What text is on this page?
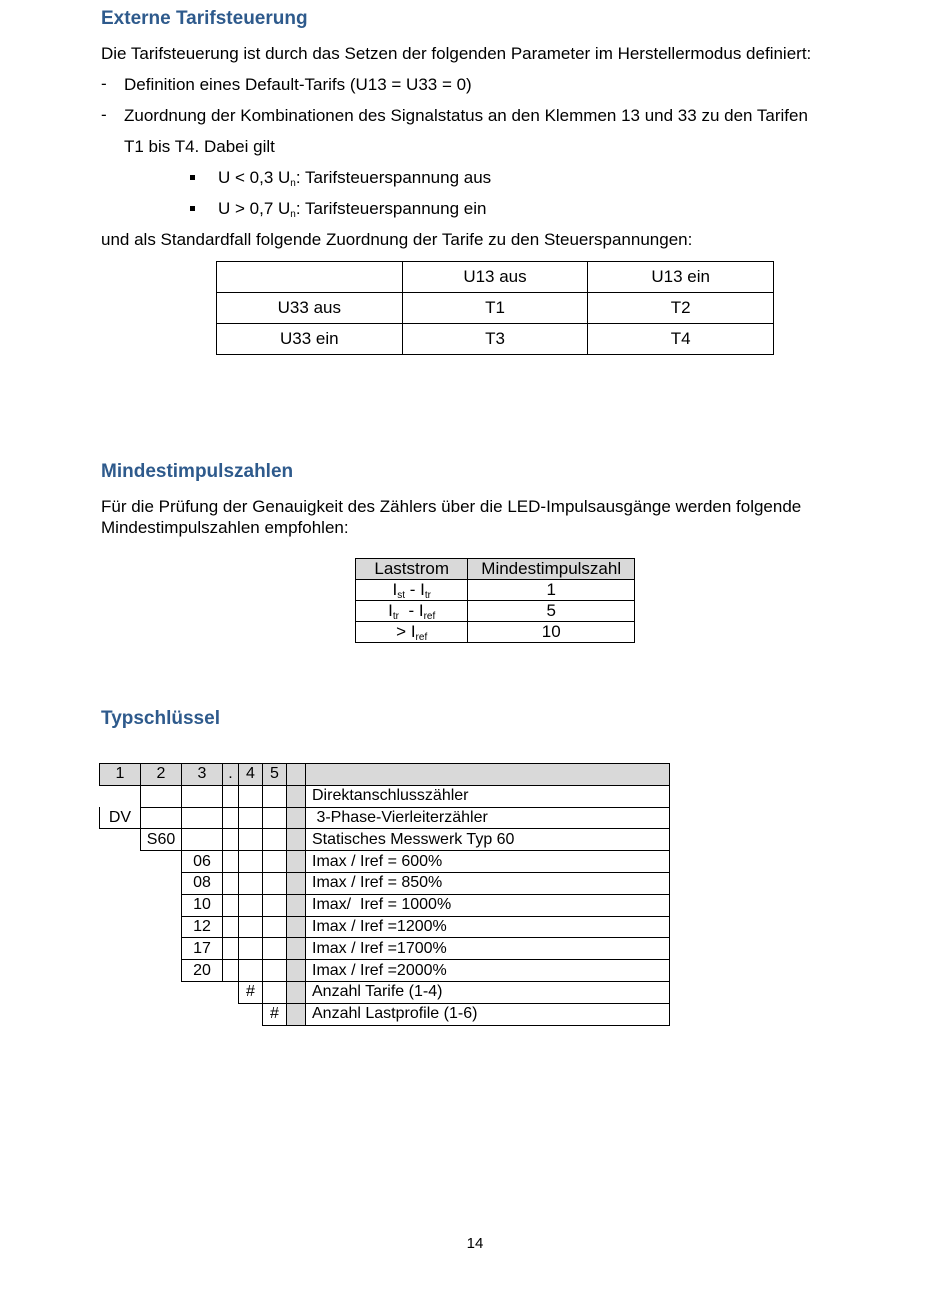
Externe Tarifsteuerung

Die Tarifsteuerung ist durch das Setzen der folgenden Parameter im Herstellermodus definiert:

- Definition eines Default-Tarifs (U13 = U33 = 0)

- Zuordnung der Kombinationen des Signalstatus an den Klemmen 13 und 33 zu den Tarifen

T1 bis T4. Dabei gilt

U < 0,3 $U_n$: Tarifsteuerspannung aus

U > 0,7 $U_n$: Tarifsteuerspannung ein

und als Standardfall folgende Zuordnung der Tarife zu den Steuerspannungen:

	U13 aus	U13 ein
U33 aus	T1	T2
U33 ein	T3	T4
Mindestimpulszahlen

Für die Prüfung der Genauigkeit des Zählers über die LED-Impulsausgänge werden folgende

Mindestimpulszahlen empfohlen:

Laststrom	Mindestimpulszahl
$I_{st} - I_{tr}$	1
$I_{tr} - I_{ref}$	5
> $I_{ref}$	10
Typschlüssel
1	2	3	.	4	5		
							Direktanschlusszähler
DV							3-Phase-Vierleiterzähler
	S60						Statisches Messwerk Typ 60
		06					Imax / Iref = 600%
		08					Imax / Iref = 850%
		10					Imax/  Iref = 1000%
		12					Imax / Iref =1200%
		17					Imax / Iref =1700%
		20					Imax / Iref =2000%
				#			Anzahl Tarife (1-4)
					#		Anzahl Lastprofile (1-6)
14
